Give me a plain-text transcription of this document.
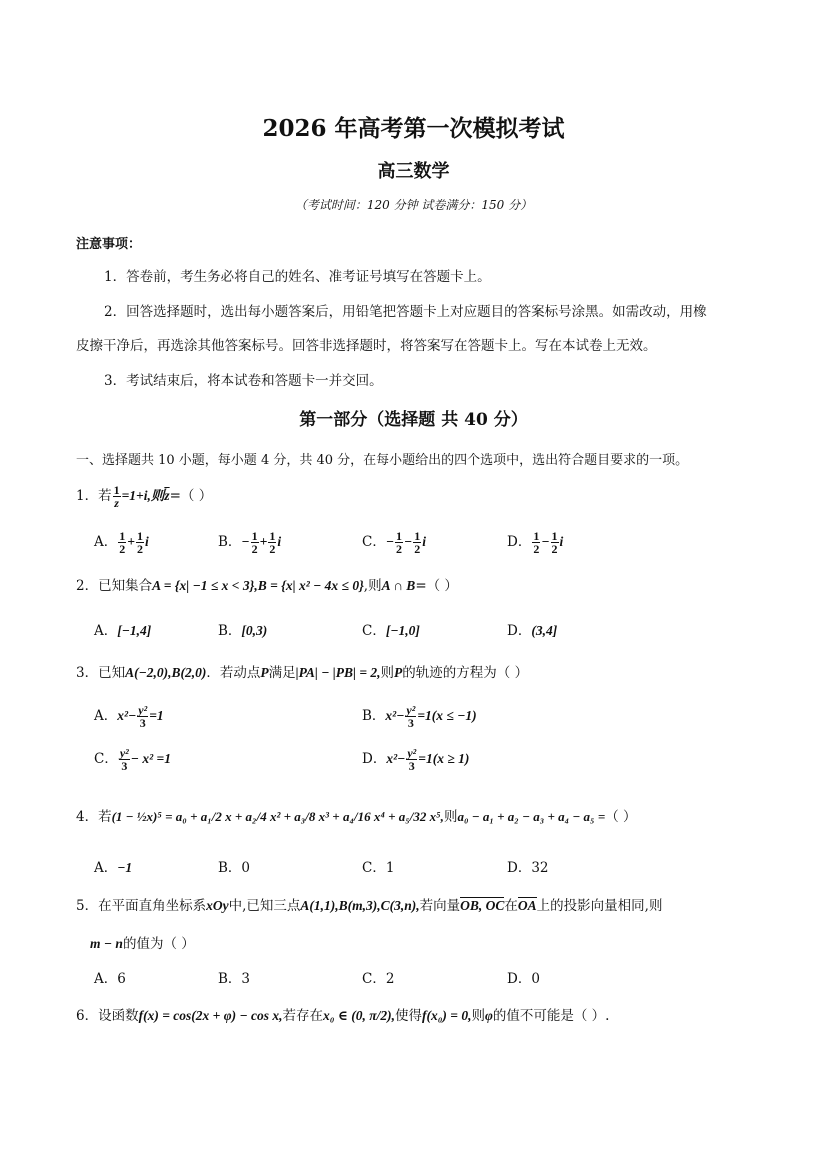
2026 年高考第一次模拟考试
高三数学
（考试时间：120 分钟 试卷满分：150 分）
注意事项：
1．答卷前，考生务必将自己的姓名、准考证号填写在答题卡上。
2．回答选择题时，选出每小题答案后，用铅笔把答题卡上对应题目的答案标号涂黑。如需改动，用橡
皮擦干净后，再选涂其他答案标号。回答非选择题时，将答案写在答题卡上。写在本试卷上无效。
3．考试结束后，将本试卷和答题卡一并交回。
第一部分（选择题 共 40 分）
一、选择题共 10 小题，每小题 4 分，共 40 分，在每小题给出的四个选项中，选出符合题目要求的一项。
1．若 $\frac{1}{z} =1+i$,则$\overline{z}=$（ ）
A． $\frac{1}{2} + \frac{1}{2}$ i	B．− $\frac{1}{2} + \frac{1}{2}$ i	C．− $\frac{1}{2} - \frac{1}{2}$ i	D． $\frac{1}{2} - \frac{1}{2}$ i
2．已知集合A = {x| −1 ≤ x < 3},B = {x| x² − 4x ≤ 0},则A ∩ B=（ ）
A．[−1,4]	B．[0,3)	C．[−1,0]	D．(3,4]
3．已知A(−2,0),B(2,0)．若动点P满足|PA| − |PB| = 2,则P的轨迹的方程为（ ）
A．$x^2- \frac{\text{y²}}{3} =1$	B．$x^2- \frac{\text{y²}}{3} =1(x \le -1)$
C． $\frac{\text{y²}}{3} - x^2 =1$	D．$x^2- \frac{\text{y²}}{3} =1(x \ge 1)$
4．若(1 − ½x)⁵ = a₀ + a₁/2 x + a₂/4 x² + a₃/8 x³ + a₄/16 x⁴ + a₅/32 x⁵,则a₀ − a₁ + a₂ − a₃ + a₄ − a₅ =（ ）
A．−1	B．0	C．1	D．32
5．在平面直角坐标系xOy中,已知三点A(1,1),B(m,3),C(3,n),若向量OB, OC在OA上的投影向量相同,则
m − n的值为（ ）
A．6	B．3	C．2	D．0
6．设函数f(x) = cos(2x + φ) − cos x,若存在x₀ ∈ (0, π/2),使得f(x₀) = 0,则φ的值不可能是（ ）.
